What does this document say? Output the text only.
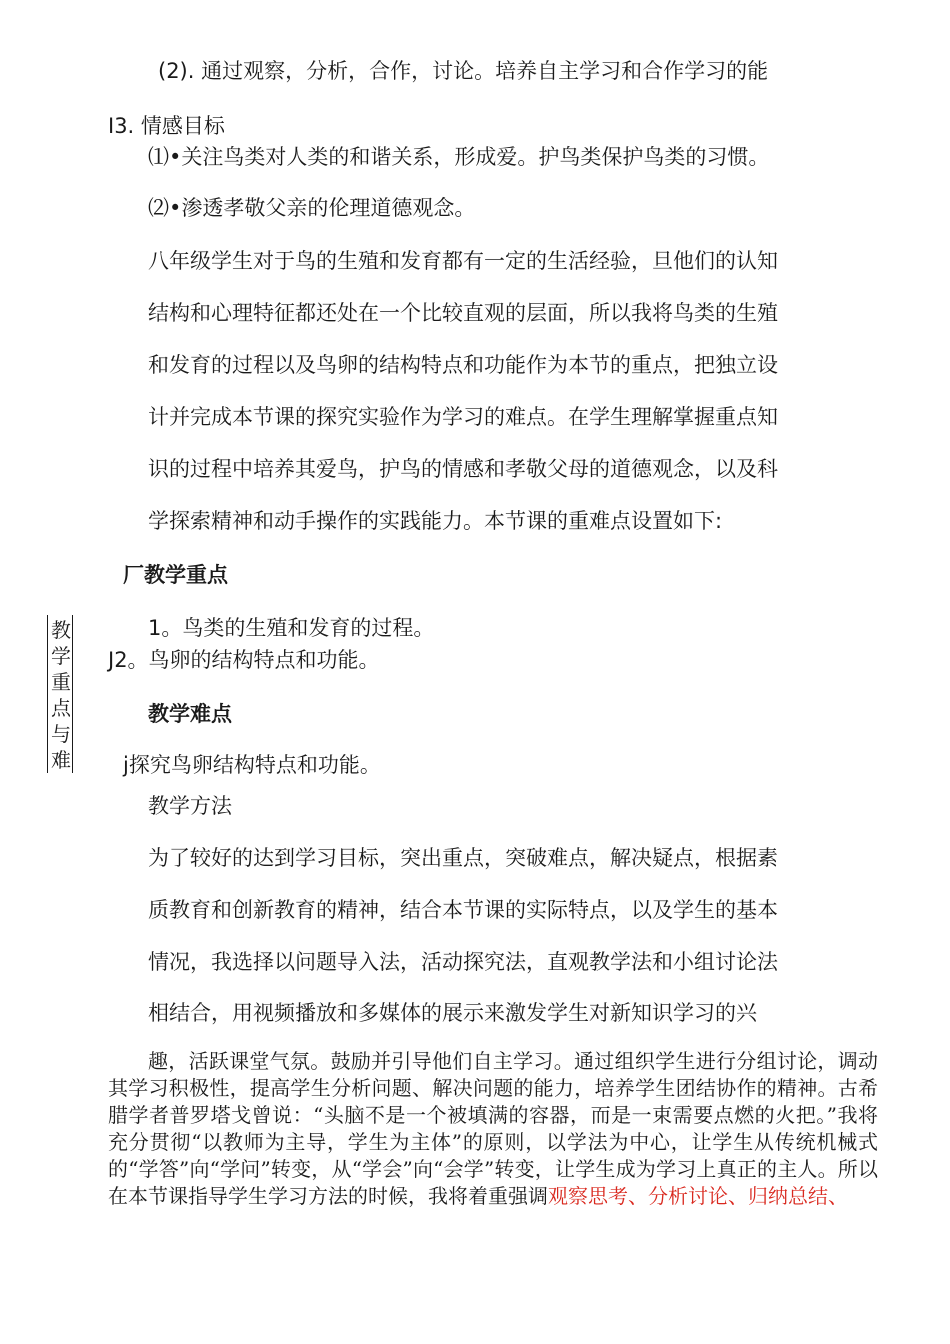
(2). 通过观察，分析，合作，讨论。培养自主学习和合作学习的能
I3. 情感目标
⑴•关注鸟类对人类的和谐关系，形成爱。护鸟类保护鸟类的习惯。
⑵•渗透孝敬父亲的伦理道德观念。
八年级学生对于鸟的生殖和发育都有一定的生活经验，旦他们的认知
结构和心理特征都还处在一个比较直观的层面，所以我将鸟类的生殖
和发育的过程以及鸟卵的结构特点和功能作为本节的重点，把独立设
计并完成本节课的探究实验作为学习的难点。在学生理解掌握重点知
识的过程中培养其爱鸟，护鸟的情感和孝敬父母的道德观念，以及科
学探索精神和动手操作的实践能力。本节课的重难点设置如下:
厂教学重点
教学重点与难
1。鸟类的生殖和发育的过程。
J2。鸟卵的结构特点和功能。
教学难点
j探究鸟卵结构特点和功能。
教学方法
为了较好的达到学习目标，突出重点，突破难点，解决疑点，根据素
质教育和创新教育的精神，结合本节课的实际特点，以及学生的基本
情况，我选择以问题导入法，活动探究法，直观教学法和小组讨论法
相结合，用视频播放和多媒体的展示来激发学生对新知识学习的兴
趣，活跃课堂气氛。鼓励并引导他们自主学习。通过组织学生进行分组讨论，调动其学习积极性，提高学生分析问题、解决问题的能力，培养学生团结协作的精神。古希腊学者普罗塔戈曾说：“头脑不是一个被填满的容器，而是一束需要点燃的火把。”我将充分贯彻“以教师为主导，学生为主体”的原则，以学法为中心，让学生从传统机械式的“学答”向“学问”转变，从“学会”向“会学”转变，让学生成为学习上真正的主人。所以在本节课指导学生学习方法的时候，我将着重强调观察思考、分析讨论、归纳总结、
